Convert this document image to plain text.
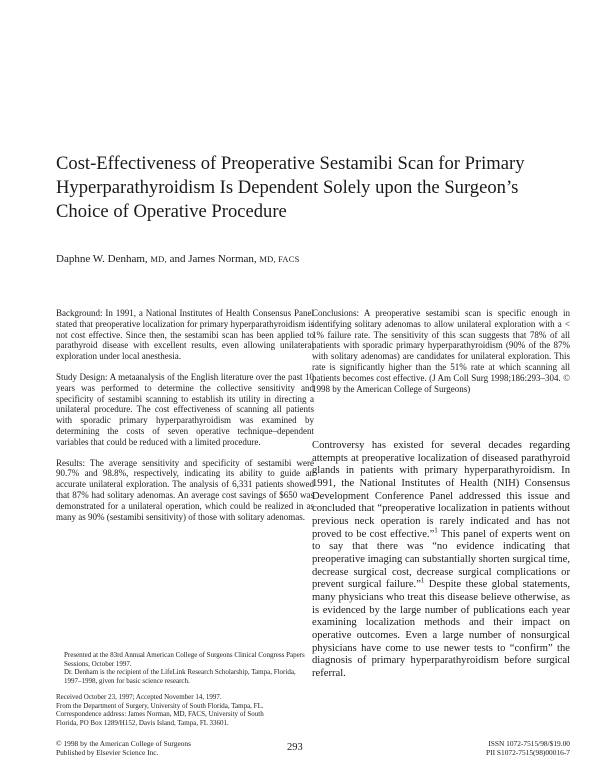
Cost-Effectiveness of Preoperative Sestamibi Scan for Primary
Hyperparathyroidism Is Dependent Solely upon the Surgeon’s
Choice of Operative Procedure
Daphne W. Denham, MD, and James Norman, MD, FACS

Background: In 1991, a National Institutes of Health Consensus Panel stated that preoperative localization for primary hyperparathyroidism is not cost effective. Since then, the sestamibi scan has been applied to parathyroid disease with excellent results, even allowing unilateral exploration under local anesthesia.

Study Design: A metaanalysis of the English literature over the past 10 years was performed to determine the collective sensitivity and specificity of sestamibi scanning to establish its utility in directing a unilateral procedure. The cost effectiveness of scanning all patients with sporadic primary hyperparathyroidism was examined by determining the costs of seven operative technique–dependent variables that could be reduced with a limited procedure.

Results: The average sensitivity and specificity of sestamibi were 90.7% and 98.8%, respectively, indicating its ability to guide an accurate unilateral exploration. The analysis of 6,331 patients showed that 87% had solitary adenomas. An average cost savings of $650 was demonstrated for a unilateral operation, which could be realized in as many as 90% (sestamibi sensitivity) of those with solitary adenomas.

Conclusions: A preoperative sestamibi scan is specific enough in identifying solitary adenomas to allow unilateral exploration with a < 1% failure rate. The sensitivity of this scan suggests that 78% of all patients with sporadic primary hyperparathyroidism (90% of the 87% with solitary adenomas) are candidates for unilateral exploration. This rate is significantly higher than the 51% rate at which scanning all patients becomes cost effective. (J Am Coll Surg 1998;186:293–304. © 1998 by the American College of Surgeons)

Controversy has existed for several decades regarding attempts at preoperative localization of diseased parathyroid glands in patients with primary hyperparathyroidism. In 1991, the National Institutes of Health (NIH) Consensus Development Conference Panel addressed this issue and concluded that “preoperative localization in patients without previous neck operation is rarely indicated and has not proved to be cost effective.”$^1$ This panel of experts went on to say that there was “no evidence indicating that preoperative imaging can substantially shorten surgical time, decrease surgical cost, decrease surgical complications or prevent surgical failure.”$^1$ Despite these global statements, many physicians who treat this disease believe otherwise, as is evidenced by the large number of publications each year examining localization methods and their impact on operative outcomes. Even a large number of nonsurgical physicians have come to use newer tests to “confirm” the diagnosis of primary hyperparathyroidism before surgical referral.

Presented at the 83rd Annual American College of Surgeons Clinical Congress Papers Sessions, October 1997.
Dr. Denham is the recipient of the LifeLink Research Scholarship, Tampa, Florida, 1997–1998, given for basic science research.

Received October 23, 1997; Accepted November 14, 1997.
From the Department of Surgery, University of South Florida, Tampa, FL.
Correspondence address: James Norman, MD, FACS, University of South
Florida, PO Box 1289/H152, Davis Island, Tampa, FL 33601.
© 1998 by the American College of Surgeons
Published by Elsevier Science Inc.	293	ISSN 1072-7515/98/$19.00
PII S1072-7515(98)00016-7
